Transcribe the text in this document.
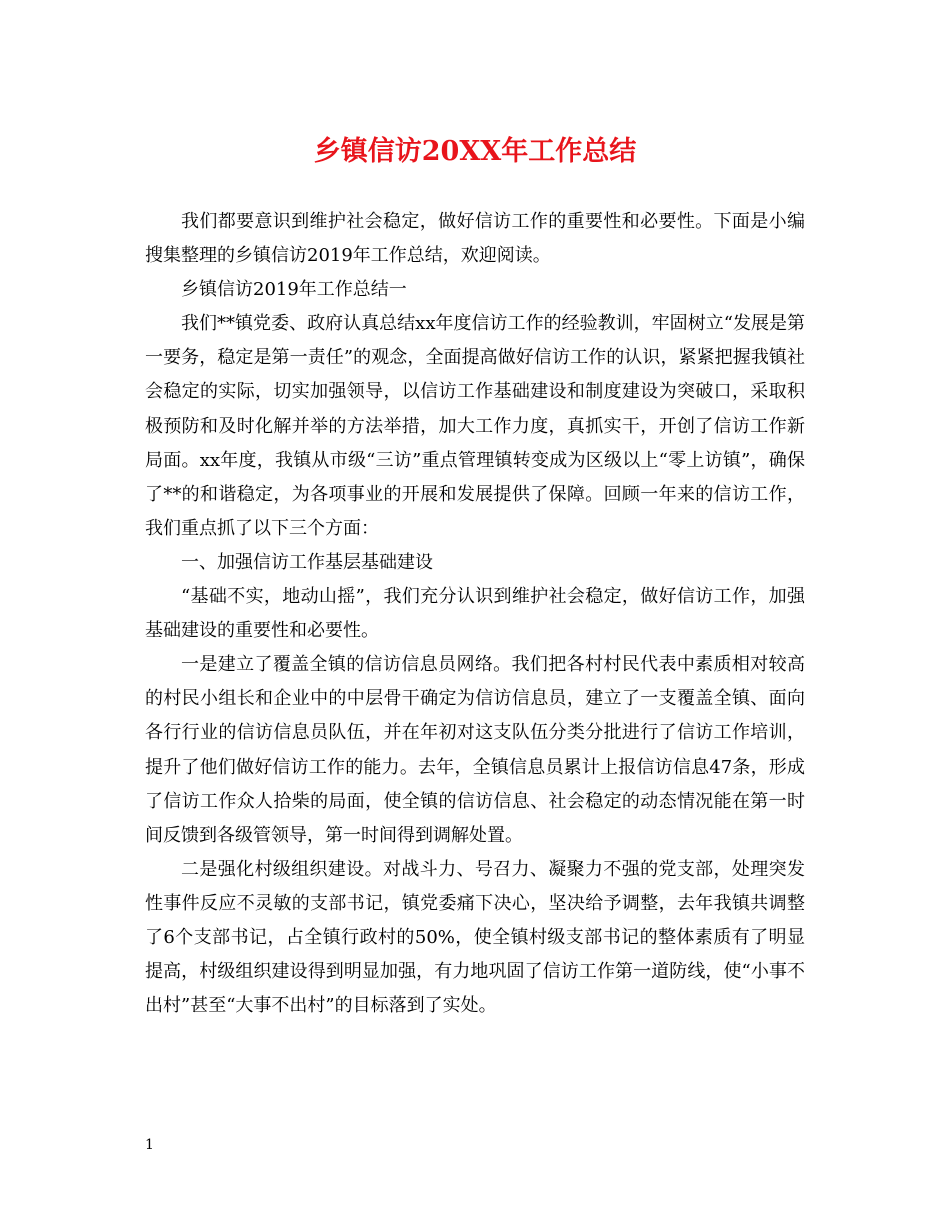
乡镇信访20XX年工作总结

我们都要意识到维护社会稳定，做好信访工作的重要性和必要性。下面是小编搜集整理的乡镇信访2019年工作总结，欢迎阅读。

乡镇信访2019年工作总结一

我们**镇党委、政府认真总结xx年度信访工作的经验教训，牢固树立“发展是第一要务，稳定是第一责任”的观念，全面提高做好信访工作的认识，紧紧把握我镇社会稳定的实际，切实加强领导，以信访工作基础建设和制度建设为突破口，采取积极预防和及时化解并举的方法举措，加大工作力度，真抓实干，开创了信访工作新局面。xx年度，我镇从市级“三访”重点管理镇转变成为区级以上“零上访镇”，确保了**的和谐稳定，为各项事业的开展和发展提供了保障。回顾一年来的信访工作，我们重点抓了以下三个方面：

一、加强信访工作基层基础建设

“基础不实，地动山摇”，我们充分认识到维护社会稳定，做好信访工作，加强基础建设的重要性和必要性。

一是建立了覆盖全镇的信访信息员网络。我们把各村村民代表中素质相对较高的村民小组长和企业中的中层骨干确定为信访信息员，建立了一支覆盖全镇、面向各行行业的信访信息员队伍，并在年初对这支队伍分类分批进行了信访工作培训，提升了他们做好信访工作的能力。去年，全镇信息员累计上报信访信息47条，形成了信访工作众人拾柴的局面，使全镇的信访信息、社会稳定的动态情况能在第一时间反馈到各级管领导，第一时间得到调解处置。

二是强化村级组织建设。对战斗力、号召力、凝聚力不强的党支部，处理突发性事件反应不灵敏的支部书记，镇党委痛下决心，坚决给予调整，去年我镇共调整了6个支部书记，占全镇行政村的50%，使全镇村级支部书记的整体素质有了明显提高，村级组织建设得到明显加强，有力地巩固了信访工作第一道防线，使“小事不出村”甚至“大事不出村”的目标落到了实处。

1
